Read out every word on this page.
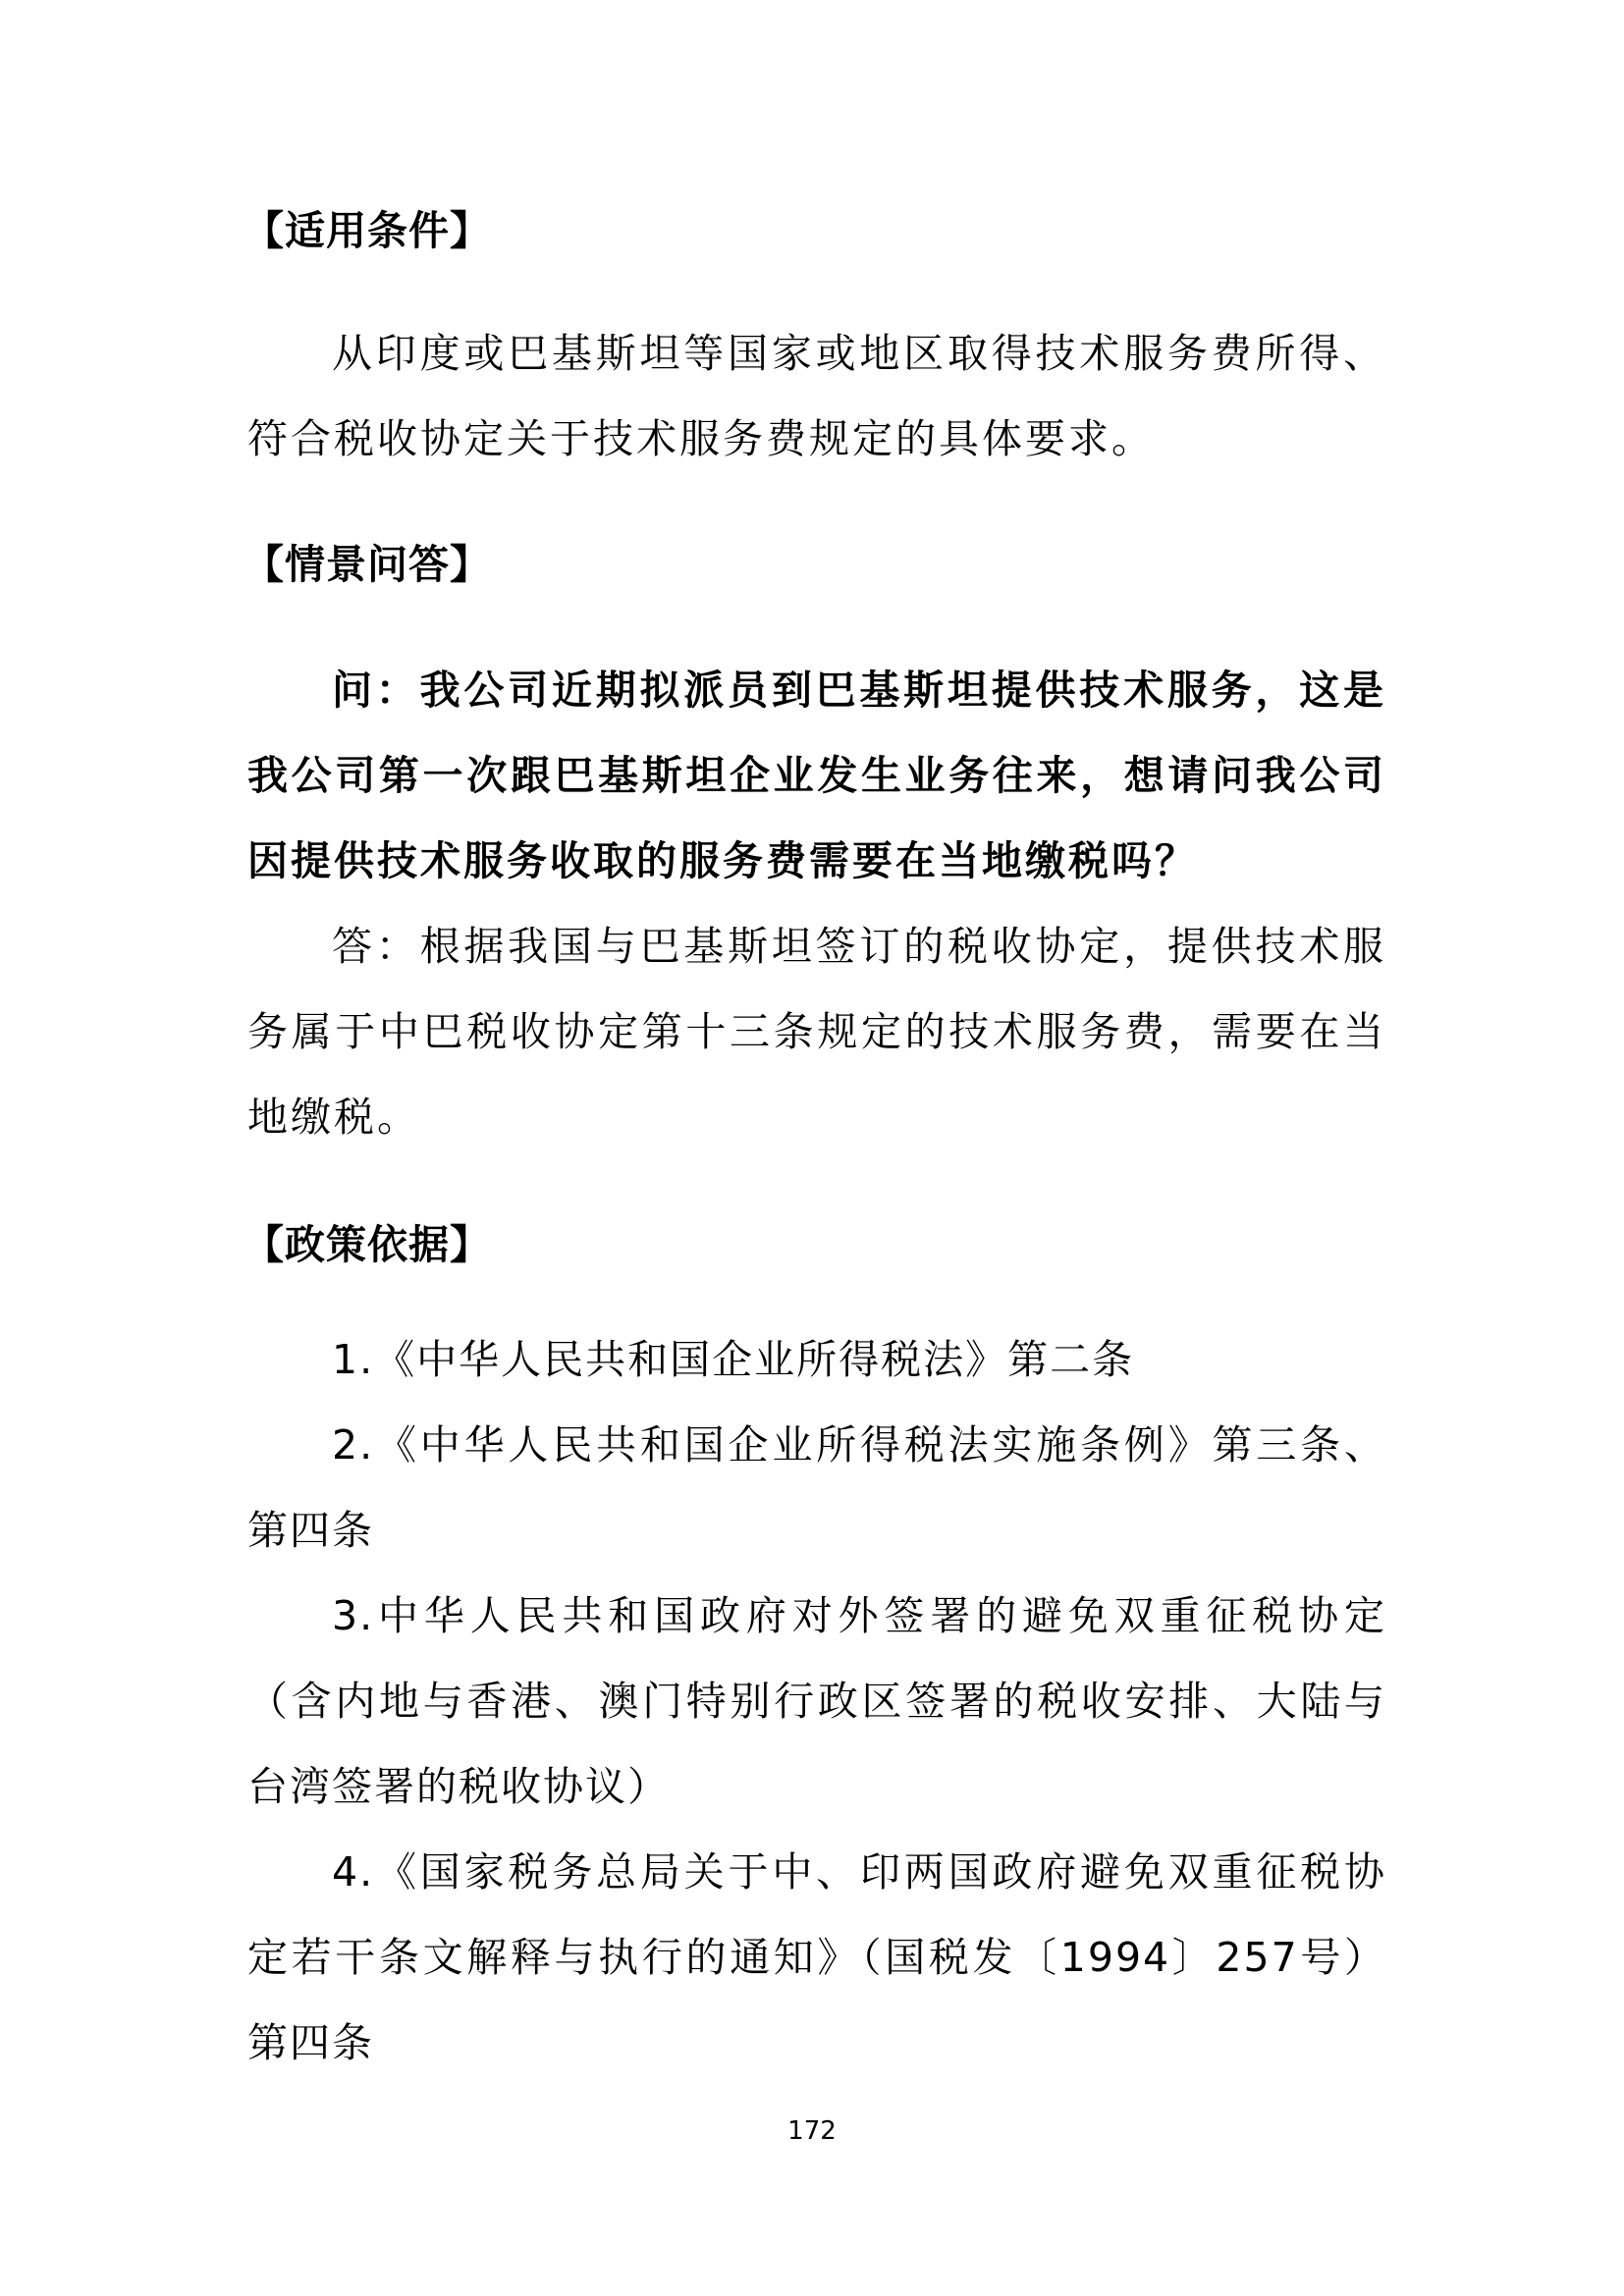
【适用条件】

从印度或巴基斯坦等国家或地区取得技术服务费所得、符合税收协定关于技术服务费规定的具体要求。

【情景问答】

问：我公司近期拟派员到巴基斯坦提供技术服务，这是我公司第一次跟巴基斯坦企业发生业务往来，想请问我公司因提供技术服务收取的服务费需要在当地缴税吗？

答：根据我国与巴基斯坦签订的税收协定，提供技术服务属于中巴税收协定第十三条规定的技术服务费，需要在当地缴税。

【政策依据】

1.《中华人民共和国企业所得税法》第二条

2.《中华人民共和国企业所得税法实施条例》第三条、第四条

3.中华人民共和国政府对外签署的避免双重征税协定（含内地与香港、澳门特别行政区签署的税收安排、大陆与台湾签署的税收协议）

4.《国家税务总局关于中、印两国政府避免双重征税协定若干条文解释与执行的通知》（国税发〔1994〕257号）第四条

172
